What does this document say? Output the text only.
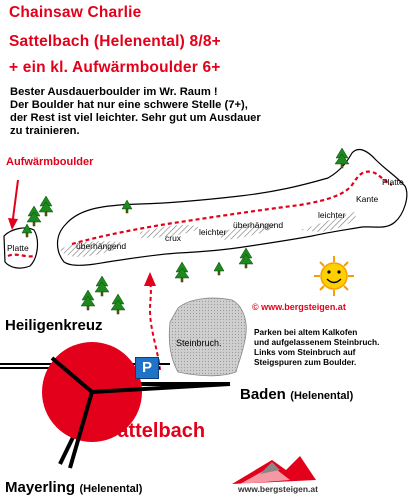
Chainsaw Charlie
Sattelbach (Helenental) 8/8+
+ ein kl. Aufwärmboulder 6+
Bester Ausdauerboulder im Wr. Raum !
Der Boulder hat nur eine schwere Stelle (7+),
der Rest ist viel leichter. Sehr gut um Ausdauer
zu trainieren.
Aufwärmboulder
Platte
Platte
Kante
leichter
überhängend
leichter
crux
überhängend
© www.bergsteigen.at
Steinbruch.
P
Parken bei altem Kalkofen
und aufgelassenem Steinbruch.
Links vom Steinbruch auf
Steigspuren zum Boulder.
Heiligenkreuz
Sattelbach
Baden (Helenental)
Mayerling (Helenental)	www.bergsteigen.at
